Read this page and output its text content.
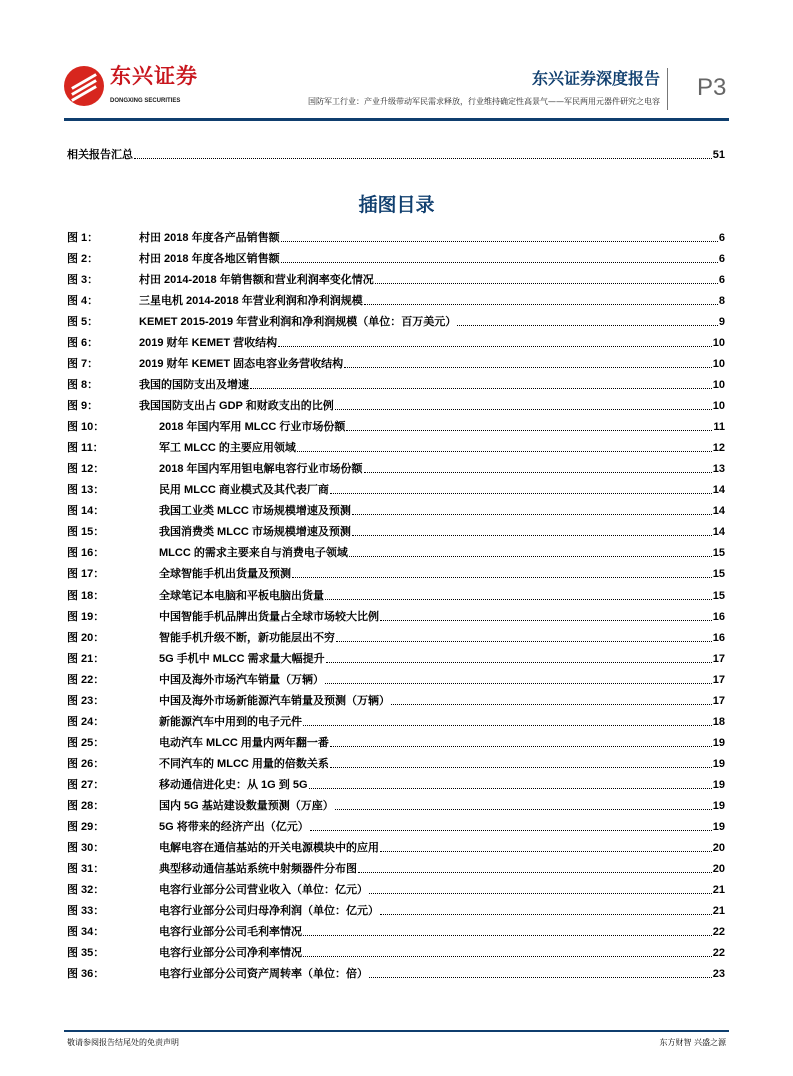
东兴证券
DONGXING SECURITIES
东兴证券深度报告
国防军工行业：产业升级带动军民需求释放，行业维持确定性高景气——军民两用元器件研究之电容
P3
相关报告汇总	51
插图目录
图 1：	村田 2018 年度各产品销售额	6
图 2：	村田 2018 年度各地区销售额	6
图 3：	村田 2014-2018 年销售额和营业利润率变化情况	6
图 4：	三星电机 2014-2018 年营业利润和净利润规模	8
图 5：	KEMET 2015-2019 年营业利润和净利润规模（单位：百万美元）	9
图 6：	2019 财年 KEMET 营收结构	10
图 7：	2019 财年 KEMET 固态电容业务营收结构	10
图 8：	我国的国防支出及增速	10
图 9：	我国国防支出占 GDP 和财政支出的比例	10
图 10：	2018 年国内军用 MLCC 行业市场份额	11
图 11：	军工 MLCC 的主要应用领域	12
图 12：	2018 年国内军用钽电解电容行业市场份额	13
图 13：	民用 MLCC 商业模式及其代表厂商	14
图 14：	我国工业类 MLCC 市场规模增速及预测	14
图 15：	我国消费类 MLCC 市场规模增速及预测	14
图 16：	MLCC 的需求主要来自与消费电子领域	15
图 17：	全球智能手机出货量及预测	15
图 18：	全球笔记本电脑和平板电脑出货量	15
图 19：	中国智能手机品牌出货量占全球市场较大比例	16
图 20：	智能手机升级不断，新功能层出不穷	16
图 21：	5G 手机中 MLCC 需求量大幅提升	17
图 22：	中国及海外市场汽车销量（万辆）	17
图 23：	中国及海外市场新能源汽车销量及预测（万辆）	17
图 24：	新能源汽车中用到的电子元件	18
图 25：	电动汽车 MLCC 用量内两年翻一番	19
图 26：	不同汽车的 MLCC 用量的倍数关系	19
图 27：	移动通信进化史：从 1G 到 5G	19
图 28：	国内 5G 基站建设数量预测（万座）	19
图 29：	5G 将带来的经济产出（亿元）	19
图 30：	电解电容在通信基站的开关电源模块中的应用	20
图 31：	典型移动通信基站系统中射频器件分布图	20
图 32：	电容行业部分公司营业收入（单位：亿元）	21
图 33：	电容行业部分公司归母净利润（单位：亿元）	21
图 34：	电容行业部分公司毛利率情况	22
图 35：	电容行业部分公司净利率情况	22
图 36：	电容行业部分公司资产周转率（单位：倍）	23
敬请参阅报告结尾处的免责声明	东方财智 兴盛之源
